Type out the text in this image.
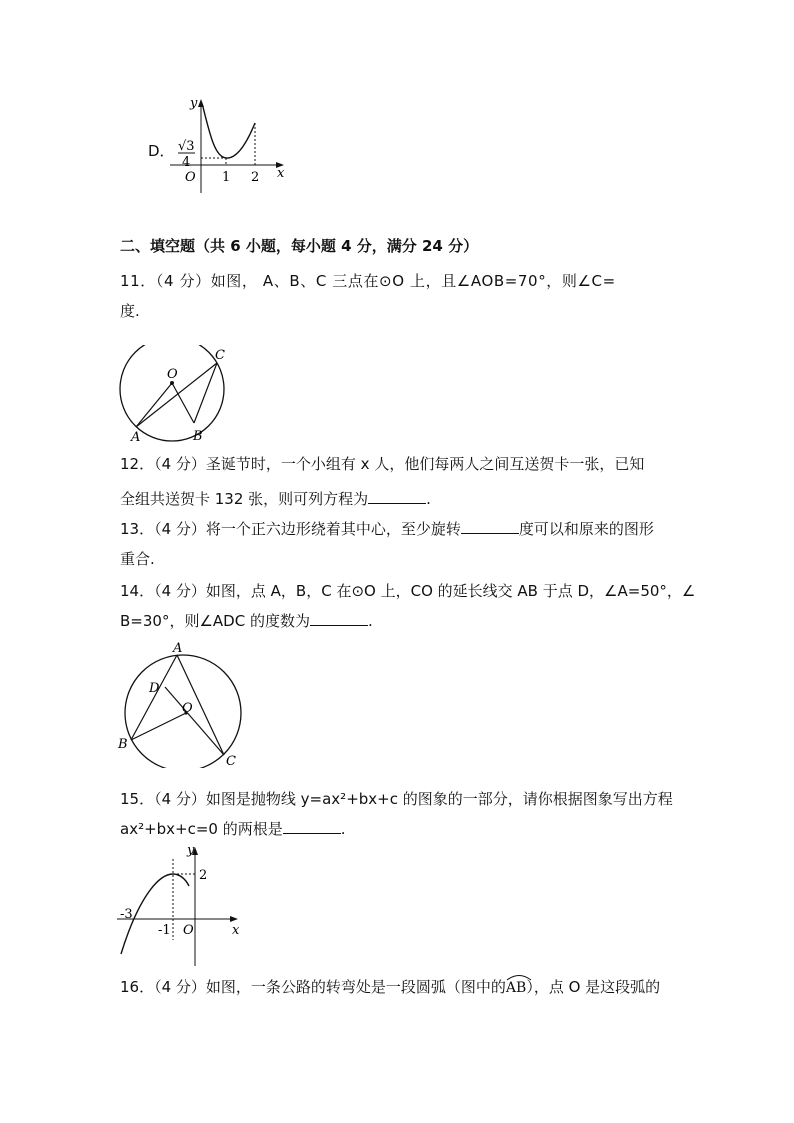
D．
y
x
O
√3
4
1 2
二、填空题（共 6 小题，每小题 4 分，满分 24 分）
11．（4 分）如图，﻿ A、B、C 三点在⊙O 上，且∠AOB=70°，则∠C=
度.
O
A	B
C
12．（4 分）圣诞节时，一个小组有 x 人，他们每两人之间互送贺卡一张，已知
全组共送贺卡 132 张，则可列方程为	.
13．（4 分）将一个正六边形绕着其中心，至少旋转	度可以和原来的图形
重合.
14．（4 分）如图，点 A，B，C 在⊙O 上，CO 的延长线交 AB 于点 D，∠A=50°，∠
B=30°，则∠ADC 的度数为	.
A
B
C
D
O
15．（4 分）如图是抛物线 y=ax²+bx+c 的图象的一部分，请你根据图象写出方程
ax²+bx+c=0 的两根是	.
y
x
O
-3
-1
2
16．（4 分）如图，一条公路的转弯处是一段圆弧（图中的
AB），点 O 是这段弧的
